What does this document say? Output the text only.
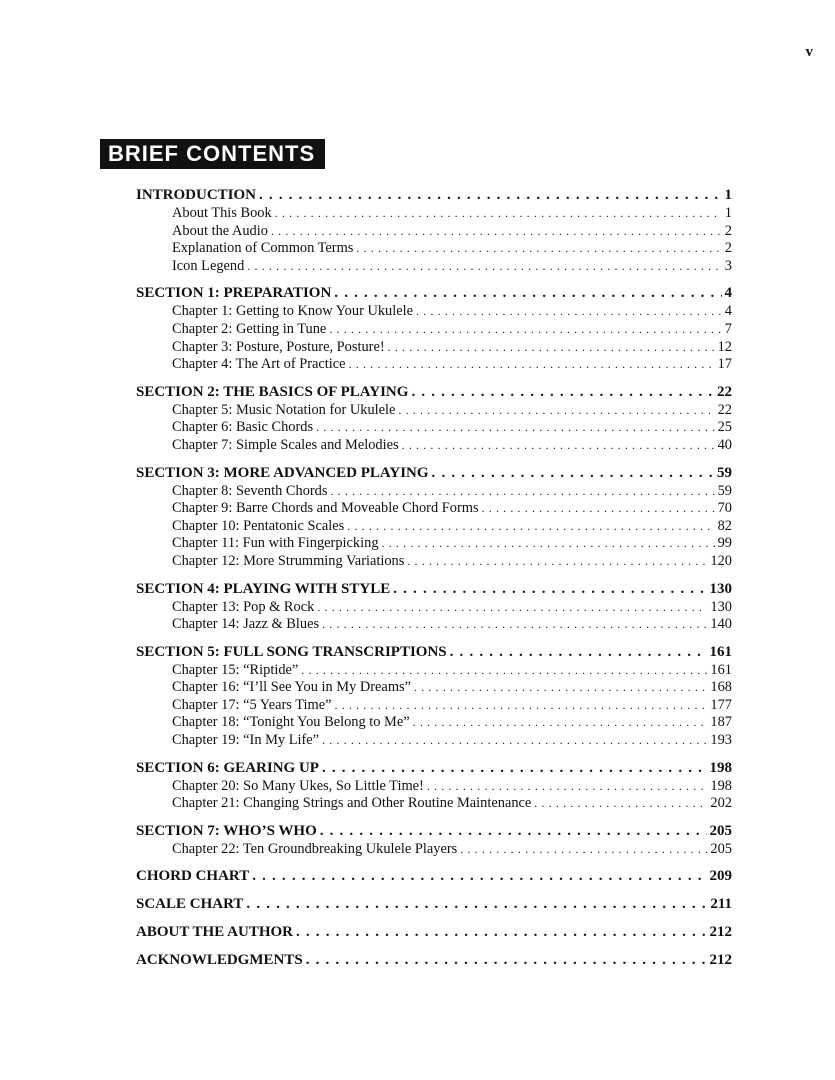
v
BRIEF CONTENTS
INTRODUCTION . . .	1
About This Book . . .	1
About the Audio . . .	2
Explanation of Common Terms . . .	2
Icon Legend . . .	3
SECTION 1: PREPARATION . . .	4
Chapter 1: Getting to Know Your Ukulele . . .	4
Chapter 2: Getting in Tune . . .	7
Chapter 3: Posture, Posture, Posture! . . .	12
Chapter 4: The Art of Practice . . .	17
SECTION 2: THE BASICS OF PLAYING . . .	22
Chapter 5: Music Notation for Ukulele . . .	22
Chapter 6: Basic Chords . . .	25
Chapter 7: Simple Scales and Melodies . . .	40
SECTION 3: MORE ADVANCED PLAYING . . .	59
Chapter 8: Seventh Chords . . .	59
Chapter 9: Barre Chords and Moveable Chord Forms . . .	70
Chapter 10: Pentatonic Scales . . .	82
Chapter 11: Fun with Fingerpicking . . .	99
Chapter 12: More Strumming Variations . . .	120
SECTION 4: PLAYING WITH STYLE . . .	130
Chapter 13: Pop & Rock . . .	130
Chapter 14: Jazz & Blues . . .	140
SECTION 5: FULL SONG TRANSCRIPTIONS . . .	161
Chapter 15: “Riptide” . . .	161
Chapter 16: “I’ll See You in My Dreams” . . .	168
Chapter 17: “5 Years Time” . . .	177
Chapter 18: “Tonight You Belong to Me” . . .	187
Chapter 19: “In My Life” . . .	193
SECTION 6: GEARING UP . . .	198
Chapter 20: So Many Ukes, So Little Time! . . .	198
Chapter 21: Changing Strings and Other Routine Maintenance . . .	202
SECTION 7: WHO’S WHO . . .	205
Chapter 22: Ten Groundbreaking Ukulele Players . . .	205
CHORD CHART . . .	209
SCALE CHART . . .	211
ABOUT THE AUTHOR . . .	212
ACKNOWLEDGMENTS . . .	212
